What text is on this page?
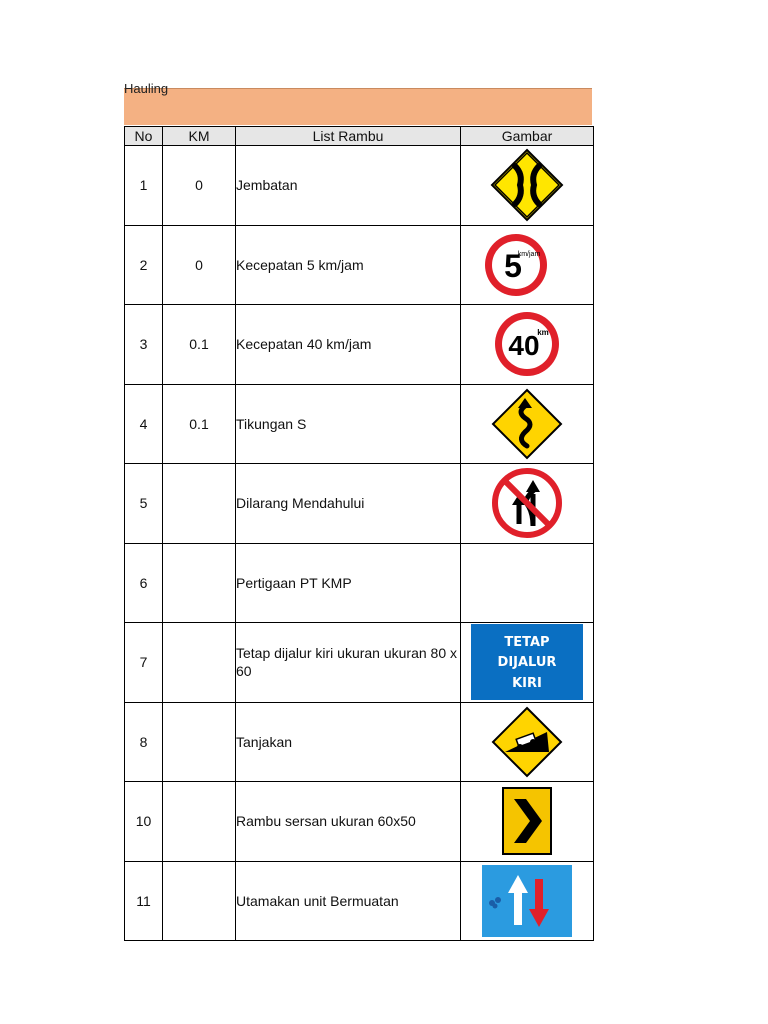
Hauling
No	KM	List Rambu	Gambar
1	0	Jembatan	

2	0	Kecepatan 5 km/jam	5
km/jam

3	0.1	Kecepatan 40 km/jam	40
km

4	0.1	Tikungan S	

5		Dilarang Mendahului	

6		Pertigaan PT KMP	
7		Tetap dijalur kiri ukuran ukuran 80 x 60	TETAP
DIJALUR
KIRI

8		Tanjakan	

10		Rambu sersan ukuran 60x50	

11		Utamakan unit Bermuatan	
